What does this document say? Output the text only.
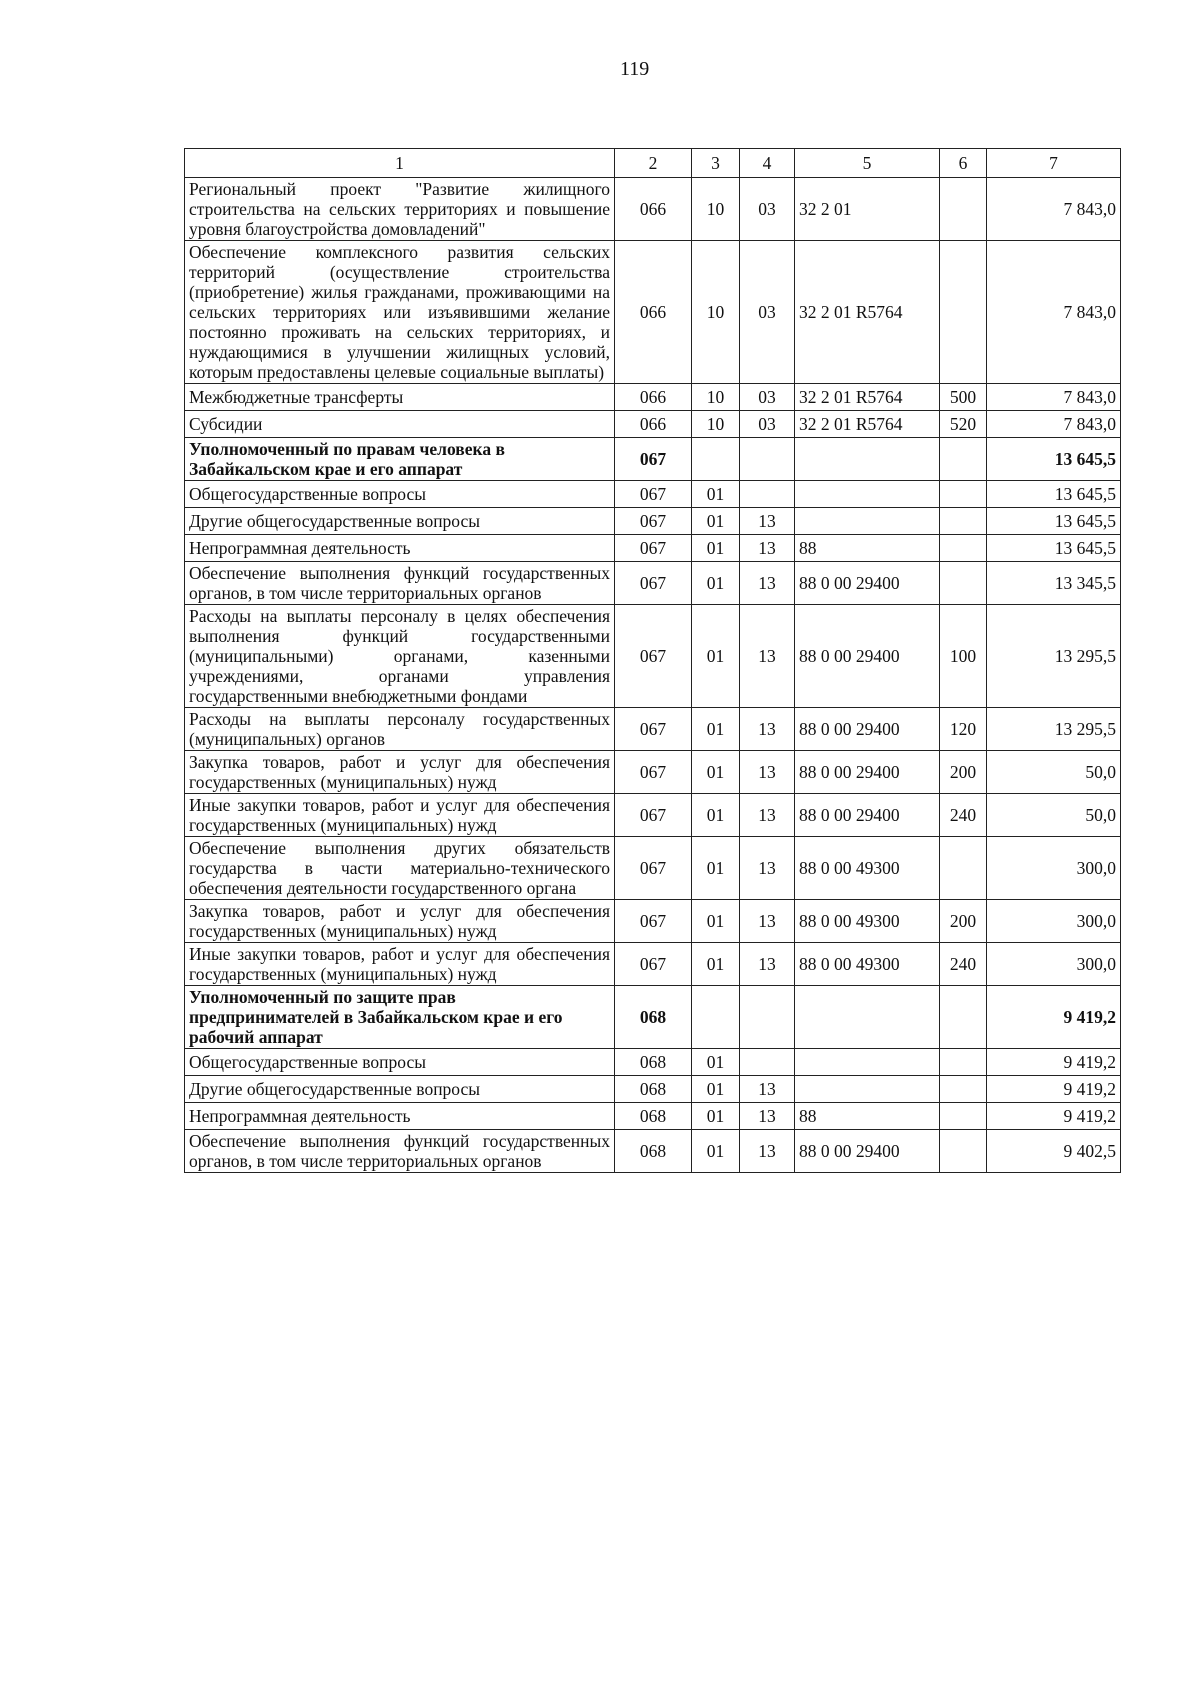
119
1	2	3	4	5	6	7
Региональный проект "Развитие жилищного строительства на сельских территориях и повышение уровня благоустройства домовладений"	066	10	03	32 2 01		7 843,0
Обеспечение комплексного развития сельских территорий (осуществление строительства (приобретение) жилья гражданами, проживающими на сельских территориях или изъявившими желание постоянно проживать на сельских территориях, и нуждающимися в улучшении жилищных условий, которым предоставлены целевые социальные выплаты)	066	10	03	32 2 01 R5764		7 843,0
Межбюджетные трансферты	066	10	03	32 2 01 R5764	500	7 843,0
Субсидии	066	10	03	32 2 01 R5764	520	7 843,0
Уполномоченный по правам человека в Забайкальском крае и его аппарат	067					13 645,5
Общегосударственные вопросы	067	01				13 645,5
Другие общегосударственные вопросы	067	01	13			13 645,5
Непрограммная деятельность	067	01	13	88		13 645,5
Обеспечение выполнения функций государственных органов, в том числе территориальных органов	067	01	13	88 0 00 29400		13 345,5
Расходы на выплаты персоналу в целях обеспечения выполнения функций государственными (муниципальными) органами, казенными учреждениями, органами управления государственными внебюджетными фондами	067	01	13	88 0 00 29400	100	13 295,5
Расходы на выплаты персоналу государственных (муниципальных) органов	067	01	13	88 0 00 29400	120	13 295,5
Закупка товаров, работ и услуг для обеспечения государственных (муниципальных) нужд	067	01	13	88 0 00 29400	200	50,0
Иные закупки товаров, работ и услуг для обеспечения государственных (муниципальных) нужд	067	01	13	88 0 00 29400	240	50,0
Обеспечение выполнения других обязательств государства в части материально-технического обеспечения деятельности государственного органа	067	01	13	88 0 00 49300		300,0
Закупка товаров, работ и услуг для обеспечения государственных (муниципальных) нужд	067	01	13	88 0 00 49300	200	300,0
Иные закупки товаров, работ и услуг для обеспечения государственных (муниципальных) нужд	067	01	13	88 0 00 49300	240	300,0
Уполномоченный по защите прав предпринимателей в Забайкальском крае и его рабочий аппарат	068					9 419,2
Общегосударственные вопросы	068	01				9 419,2
Другие общегосударственные вопросы	068	01	13			9 419,2
Непрограммная деятельность	068	01	13	88		9 419,2
Обеспечение выполнения функций государственных органов, в том числе территориальных органов	068	01	13	88 0 00 29400		9 402,5
